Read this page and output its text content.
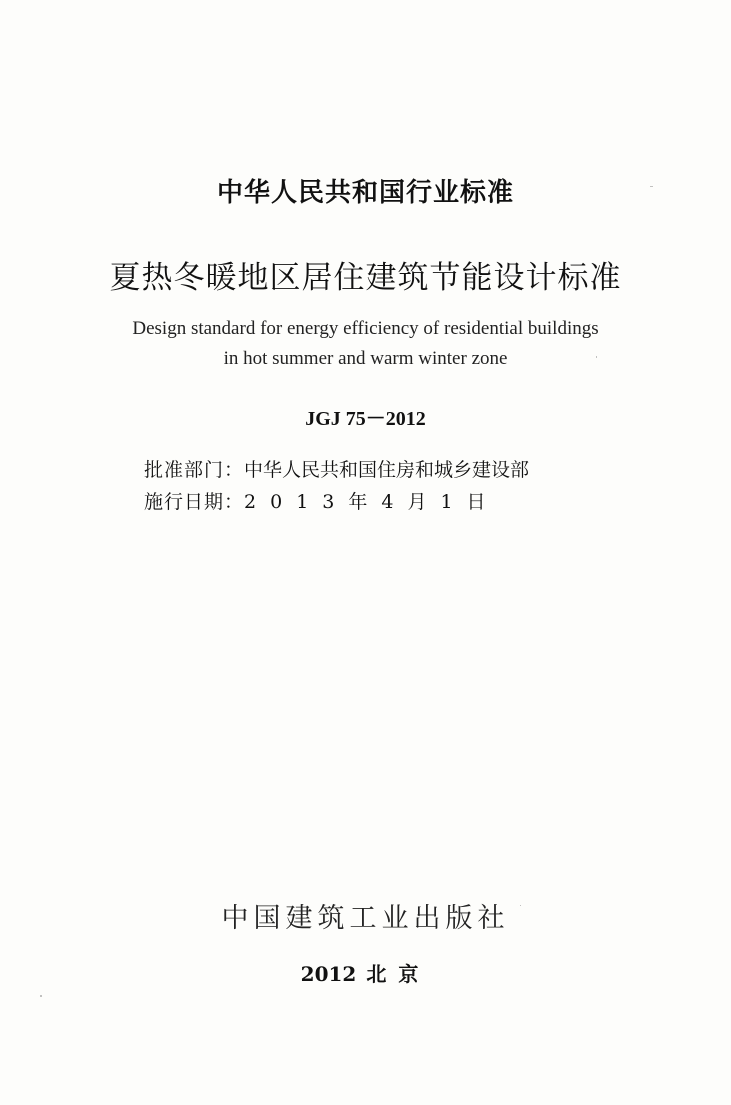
中华人民共和国行业标准
夏热冬暖地区居住建筑节能设计标准
Design standard for energy efficiency of residential buildings
in hot summer and warm winter zone
JGJ 75－2012
批准部门：中华人民共和国住房和城乡建设部
施行日期：2013年4月1日
中国建筑工业出版社
2012 北京
